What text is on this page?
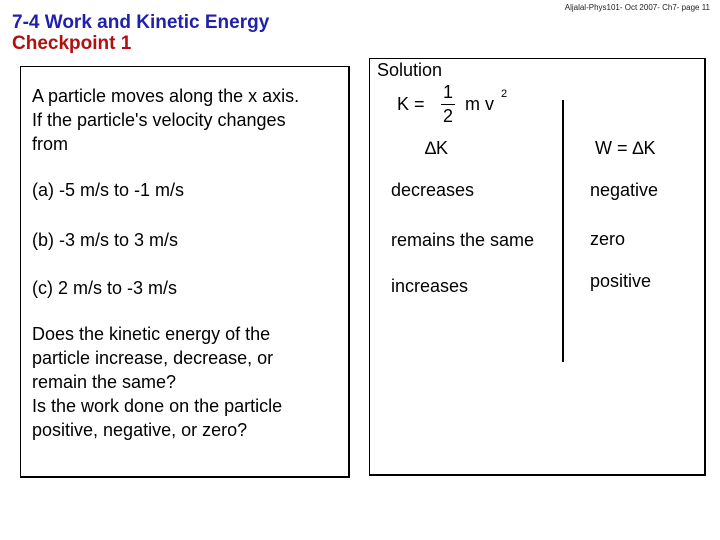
7-4 Work and Kinetic Energy
Checkpoint 1
Aljalal-Phys101- Oct 2007- Ch7- page 11
A particle moves along the x axis.
If the particle's velocity changes
from
(a) -5 m/s to -1 m/s
(b) -3 m/s to 3 m/s
(c) 2 m/s to -3 m/s
Does the kinetic energy of the
particle increase, decrease, or
remain the same?
Is the work done on the particle
positive, negative, or zero?
Solution
K =
1
2
m v 2
∆K	W = ∆K
decreases
remains the same
increases
negative
zero
positive
